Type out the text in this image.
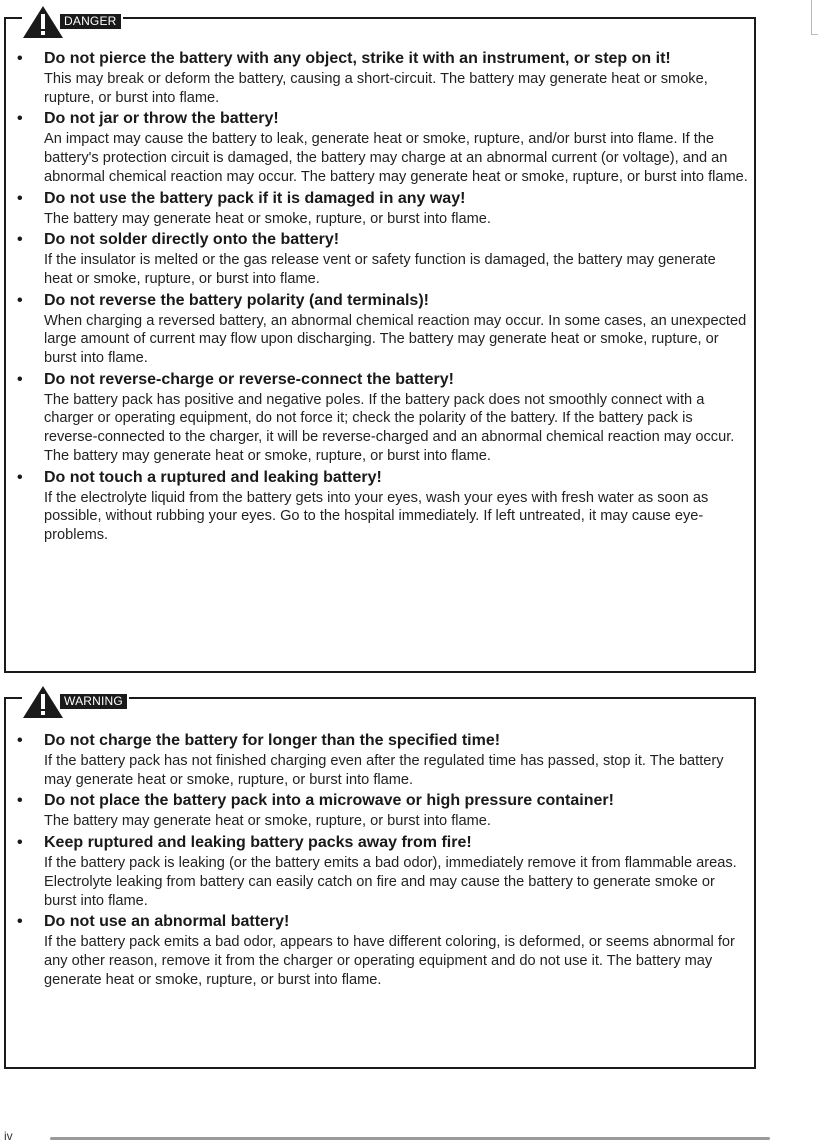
DANGER
• Do not pierce the battery with any object, strike it with an instrument, or step on it!

This may break or deform the battery, causing a short-circuit. The battery may generate heat or smoke, rupture, or burst into flame.

• Do not jar or throw the battery!

An impact may cause the battery to leak, generate heat or smoke, rupture, and/or burst into flame. If the battery's protection circuit is damaged, the battery may charge at an abnormal current (or voltage), and an abnormal chemical reaction may occur. The battery may generate heat or smoke, rupture, or burst into flame.

• Do not use the battery pack if it is damaged in any way!

The battery may generate heat or smoke, rupture, or burst into flame.

• Do not solder directly onto the battery!

If the insulator is melted or the gas release vent or safety function is damaged, the battery may generate heat or smoke, rupture, or burst into flame.

• Do not reverse the battery polarity (and terminals)!

When charging a reversed battery, an abnormal chemical reaction may occur. In some cases, an unexpected large amount of current may flow upon discharging. The battery may generate heat or smoke, rupture, or burst into flame.

• Do not reverse-charge or reverse-connect the battery!

The battery pack has positive and negative poles. If the battery pack does not smoothly connect with a charger or operating equipment, do not force it; check the polarity of the battery. If the battery pack is reverse-connected to the charger, it will be reverse-charged and an abnormal chemical reaction may occur. The battery may generate heat or smoke, rupture, or burst into flame.

• Do not touch a ruptured and leaking battery!

If the electrolyte liquid from the battery gets into your eyes, wash your eyes with fresh water as soon as possible, without rubbing your eyes. Go to the hospital immediately. If left untreated, it may cause eye-problems.

WARNING
• Do not charge the battery for longer than the specified time!

If the battery pack has not finished charging even after the regulated time has passed, stop it. The battery may generate heat or smoke, rupture, or burst into flame.

• Do not place the battery pack into a microwave or high pressure container!

The battery may generate heat or smoke, rupture, or burst into flame.

• Keep ruptured and leaking battery packs away from fire!

If the battery pack is leaking (or the battery emits a bad odor), immediately remove it from flammable areas. Electrolyte leaking from battery can easily catch on fire and may cause the battery to generate smoke or burst into flame.

• Do not use an abnormal battery!

If the battery pack emits a bad odor, appears to have different coloring, is deformed, or seems abnormal for any other reason, remove it from the charger or operating equipment and do not use it. The battery may generate heat or smoke, rupture, or burst into flame.

iv
